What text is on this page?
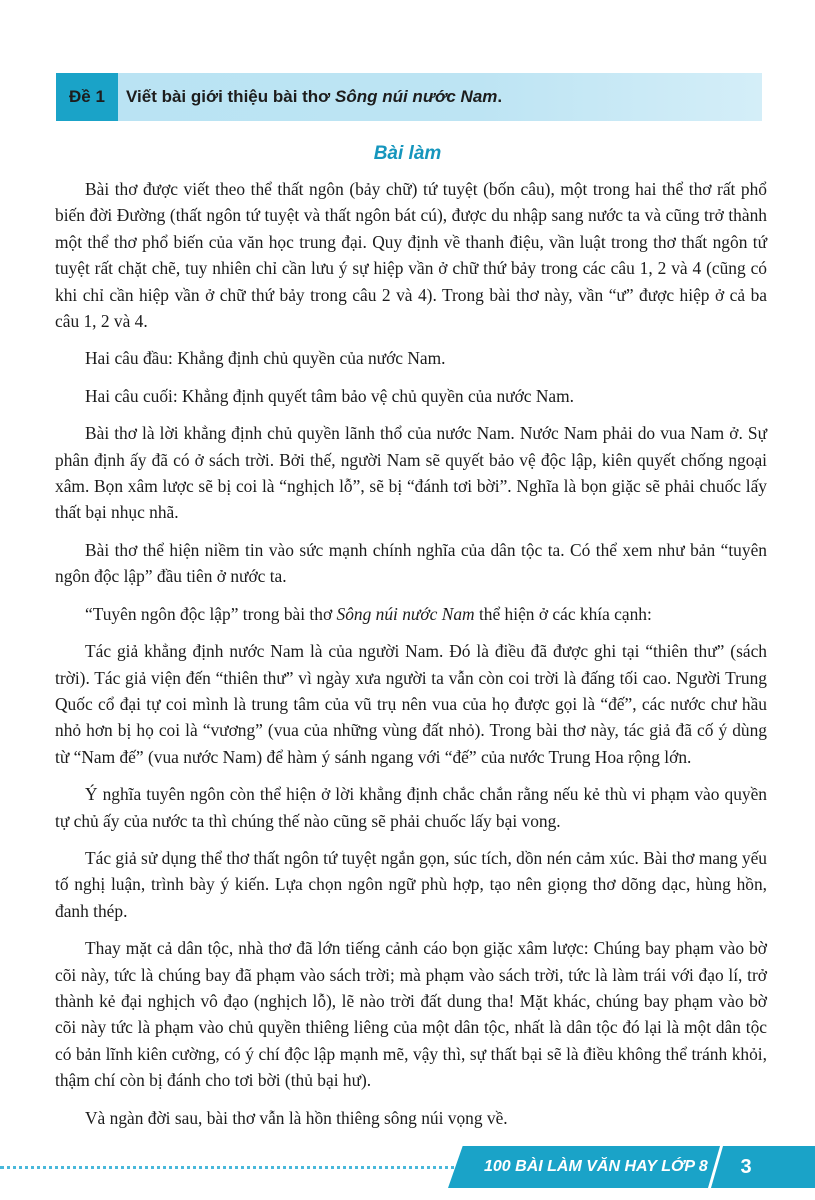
Đề 1	Viết bài giới thiệu bài thơ Sông núi nước Nam.
Bài làm

Bài thơ được viết theo thể thất ngôn (bảy chữ) tứ tuyệt (bốn câu), một trong hai thể thơ rất phổ biến đời Đường (thất ngôn tứ tuyệt và thất ngôn bát cú), được du nhập sang nước ta và cũng trở thành một thể thơ phổ biến của văn học trung đại. Quy định về thanh điệu, vần luật trong thơ thất ngôn tứ tuyệt rất chặt chẽ, tuy nhiên chỉ cần lưu ý sự hiệp vần ở chữ thứ bảy trong các câu 1, 2 và 4 (cũng có khi chỉ cần hiệp vần ở chữ thứ bảy trong câu 2 và 4). Trong bài thơ này, vần “ư” được hiệp ở cả ba câu 1, 2 và 4.

Hai câu đầu: Khẳng định chủ quyền của nước Nam.

Hai câu cuối: Khẳng định quyết tâm bảo vệ chủ quyền của nước Nam.

Bài thơ là lời khẳng định chủ quyền lãnh thổ của nước Nam. Nước Nam phải do vua Nam ở. Sự phân định ấy đã có ở sách trời. Bởi thế, người Nam sẽ quyết bảo vệ độc lập, kiên quyết chống ngoại xâm. Bọn xâm lược sẽ bị coi là “nghịch lỗ”, sẽ bị “đánh tơi bời”. Nghĩa là bọn giặc sẽ phải chuốc lấy thất bại nhục nhã.

Bài thơ thể hiện niềm tin vào sức mạnh chính nghĩa của dân tộc ta. Có thể xem như bản “tuyên ngôn độc lập” đầu tiên ở nước ta.

“Tuyên ngôn độc lập” trong bài thơ Sông núi nước Nam thể hiện ở các khía cạnh:

Tác giả khẳng định nước Nam là của người Nam. Đó là điều đã được ghi tại “thiên thư” (sách trời). Tác giả viện đến “thiên thư” vì ngày xưa người ta vẫn còn coi trời là đấng tối cao. Người Trung Quốc cổ đại tự coi mình là trung tâm của vũ trụ nên vua của họ được gọi là “đế”, các nước chư hầu nhỏ hơn bị họ coi là “vương” (vua của những vùng đất nhỏ). Trong bài thơ này, tác giả đã cố ý dùng từ “Nam đế” (vua nước Nam) để hàm ý sánh ngang với “đế” của nước Trung Hoa rộng lớn.

Ý nghĩa tuyên ngôn còn thể hiện ở lời khẳng định chắc chắn rằng nếu kẻ thù vi phạm vào quyền tự chủ ấy của nước ta thì chúng thế nào cũng sẽ phải chuốc lấy bại vong.

Tác giả sử dụng thể thơ thất ngôn tứ tuyệt ngắn gọn, súc tích, dồn nén cảm xúc. Bài thơ mang yếu tố nghị luận, trình bày ý kiến. Lựa chọn ngôn ngữ phù hợp, tạo nên giọng thơ dõng dạc, hùng hồn, đanh thép.

Thay mặt cả dân tộc, nhà thơ đã lớn tiếng cảnh cáo bọn giặc xâm lược: Chúng bay phạm vào bờ cõi này, tức là chúng bay đã phạm vào sách trời; mà phạm vào sách trời, tức là làm trái với đạo lí, trở thành kẻ đại nghịch vô đạo (nghịch lỗ), lẽ nào trời đất dung tha! Mặt khác, chúng bay phạm vào bờ cõi này tức là phạm vào chủ quyền thiêng liêng của một dân tộc, nhất là dân tộc đó lại là một dân tộc có bản lĩnh kiên cường, có ý chí độc lập mạnh mẽ, vậy thì, sự thất bại sẽ là điều không thể tránh khỏi, thậm chí còn bị đánh cho tơi bời (thủ bại hư).

Và ngàn đời sau, bài thơ vẫn là hồn thiêng sông núi vọng về.

100 BÀI LÀM VĂN HAY LỚP 8	3
